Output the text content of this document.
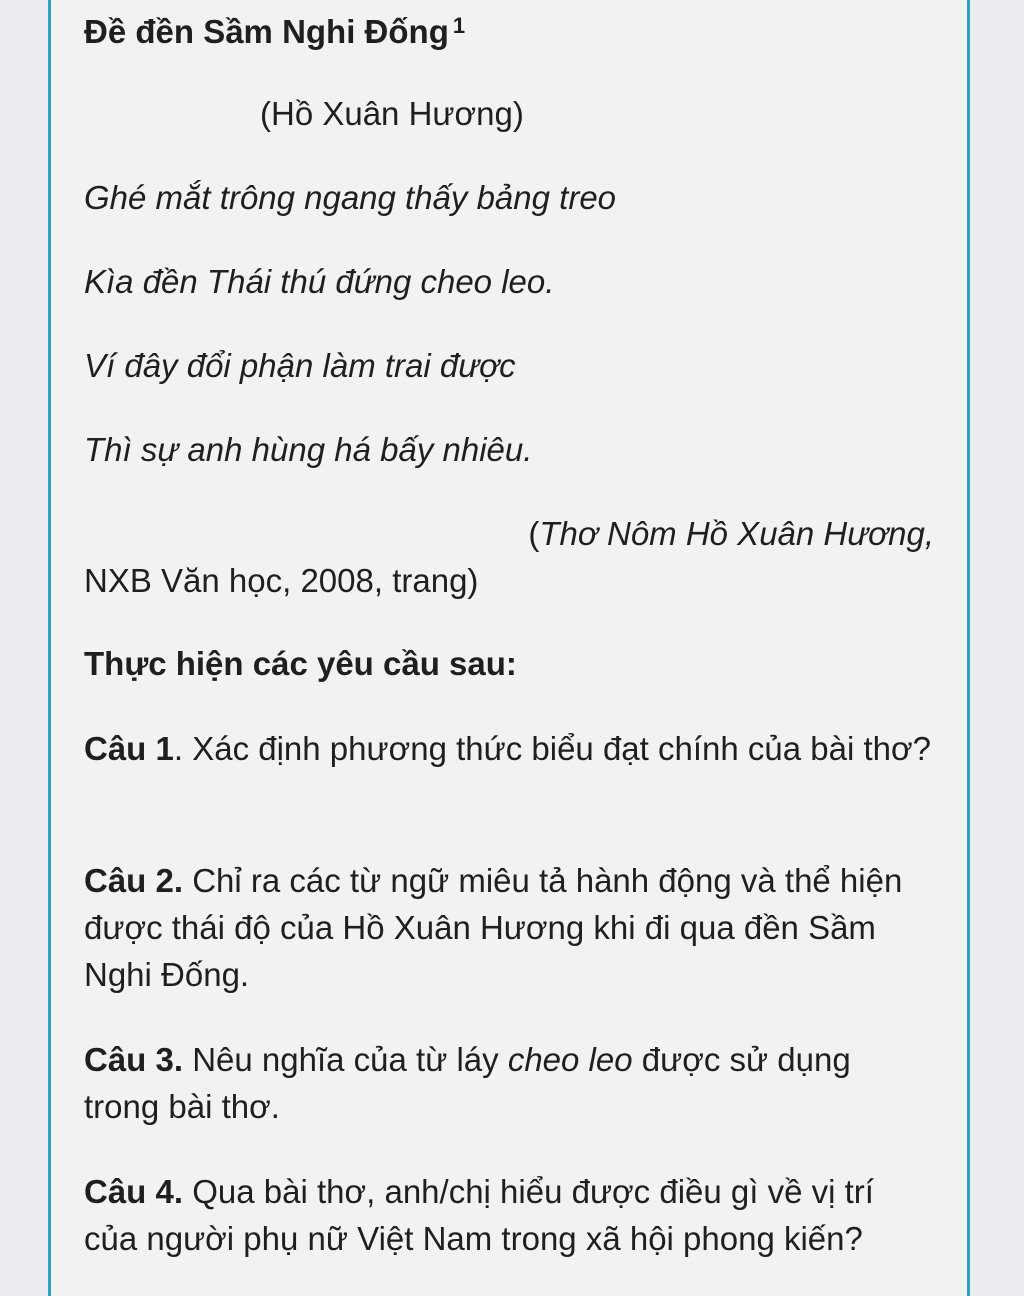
Đề đền Sầm Nghi Đống $^1$
(Hồ Xuân Hương)
Ghé mắt trông ngang thấy bảng treo
Kìa đền Thái thú đứng cheo leo.
Ví đây đổi phận làm trai được
Thì sự anh hùng há bấy nhiêu.
(Thơ Nôm Hồ Xuân Hương,
NXB Văn học, 2008, trang)
Thực hiện các yêu cầu sau:
Câu 1. Xác định phương thức biểu đạt chính của bài thơ?
Câu 2. Chỉ ra các từ ngữ miêu tả hành động và thể hiện được thái độ của Hồ Xuân Hương khi đi qua đền Sầm Nghi Đống.
Câu 3. Nêu nghĩa của từ láy cheo leo được sử dụng trong bài thơ.
Câu 4. Qua bài thơ, anh/chị hiểu được điều gì về vị trí của người phụ nữ Việt Nam trong xã hội phong kiến?
